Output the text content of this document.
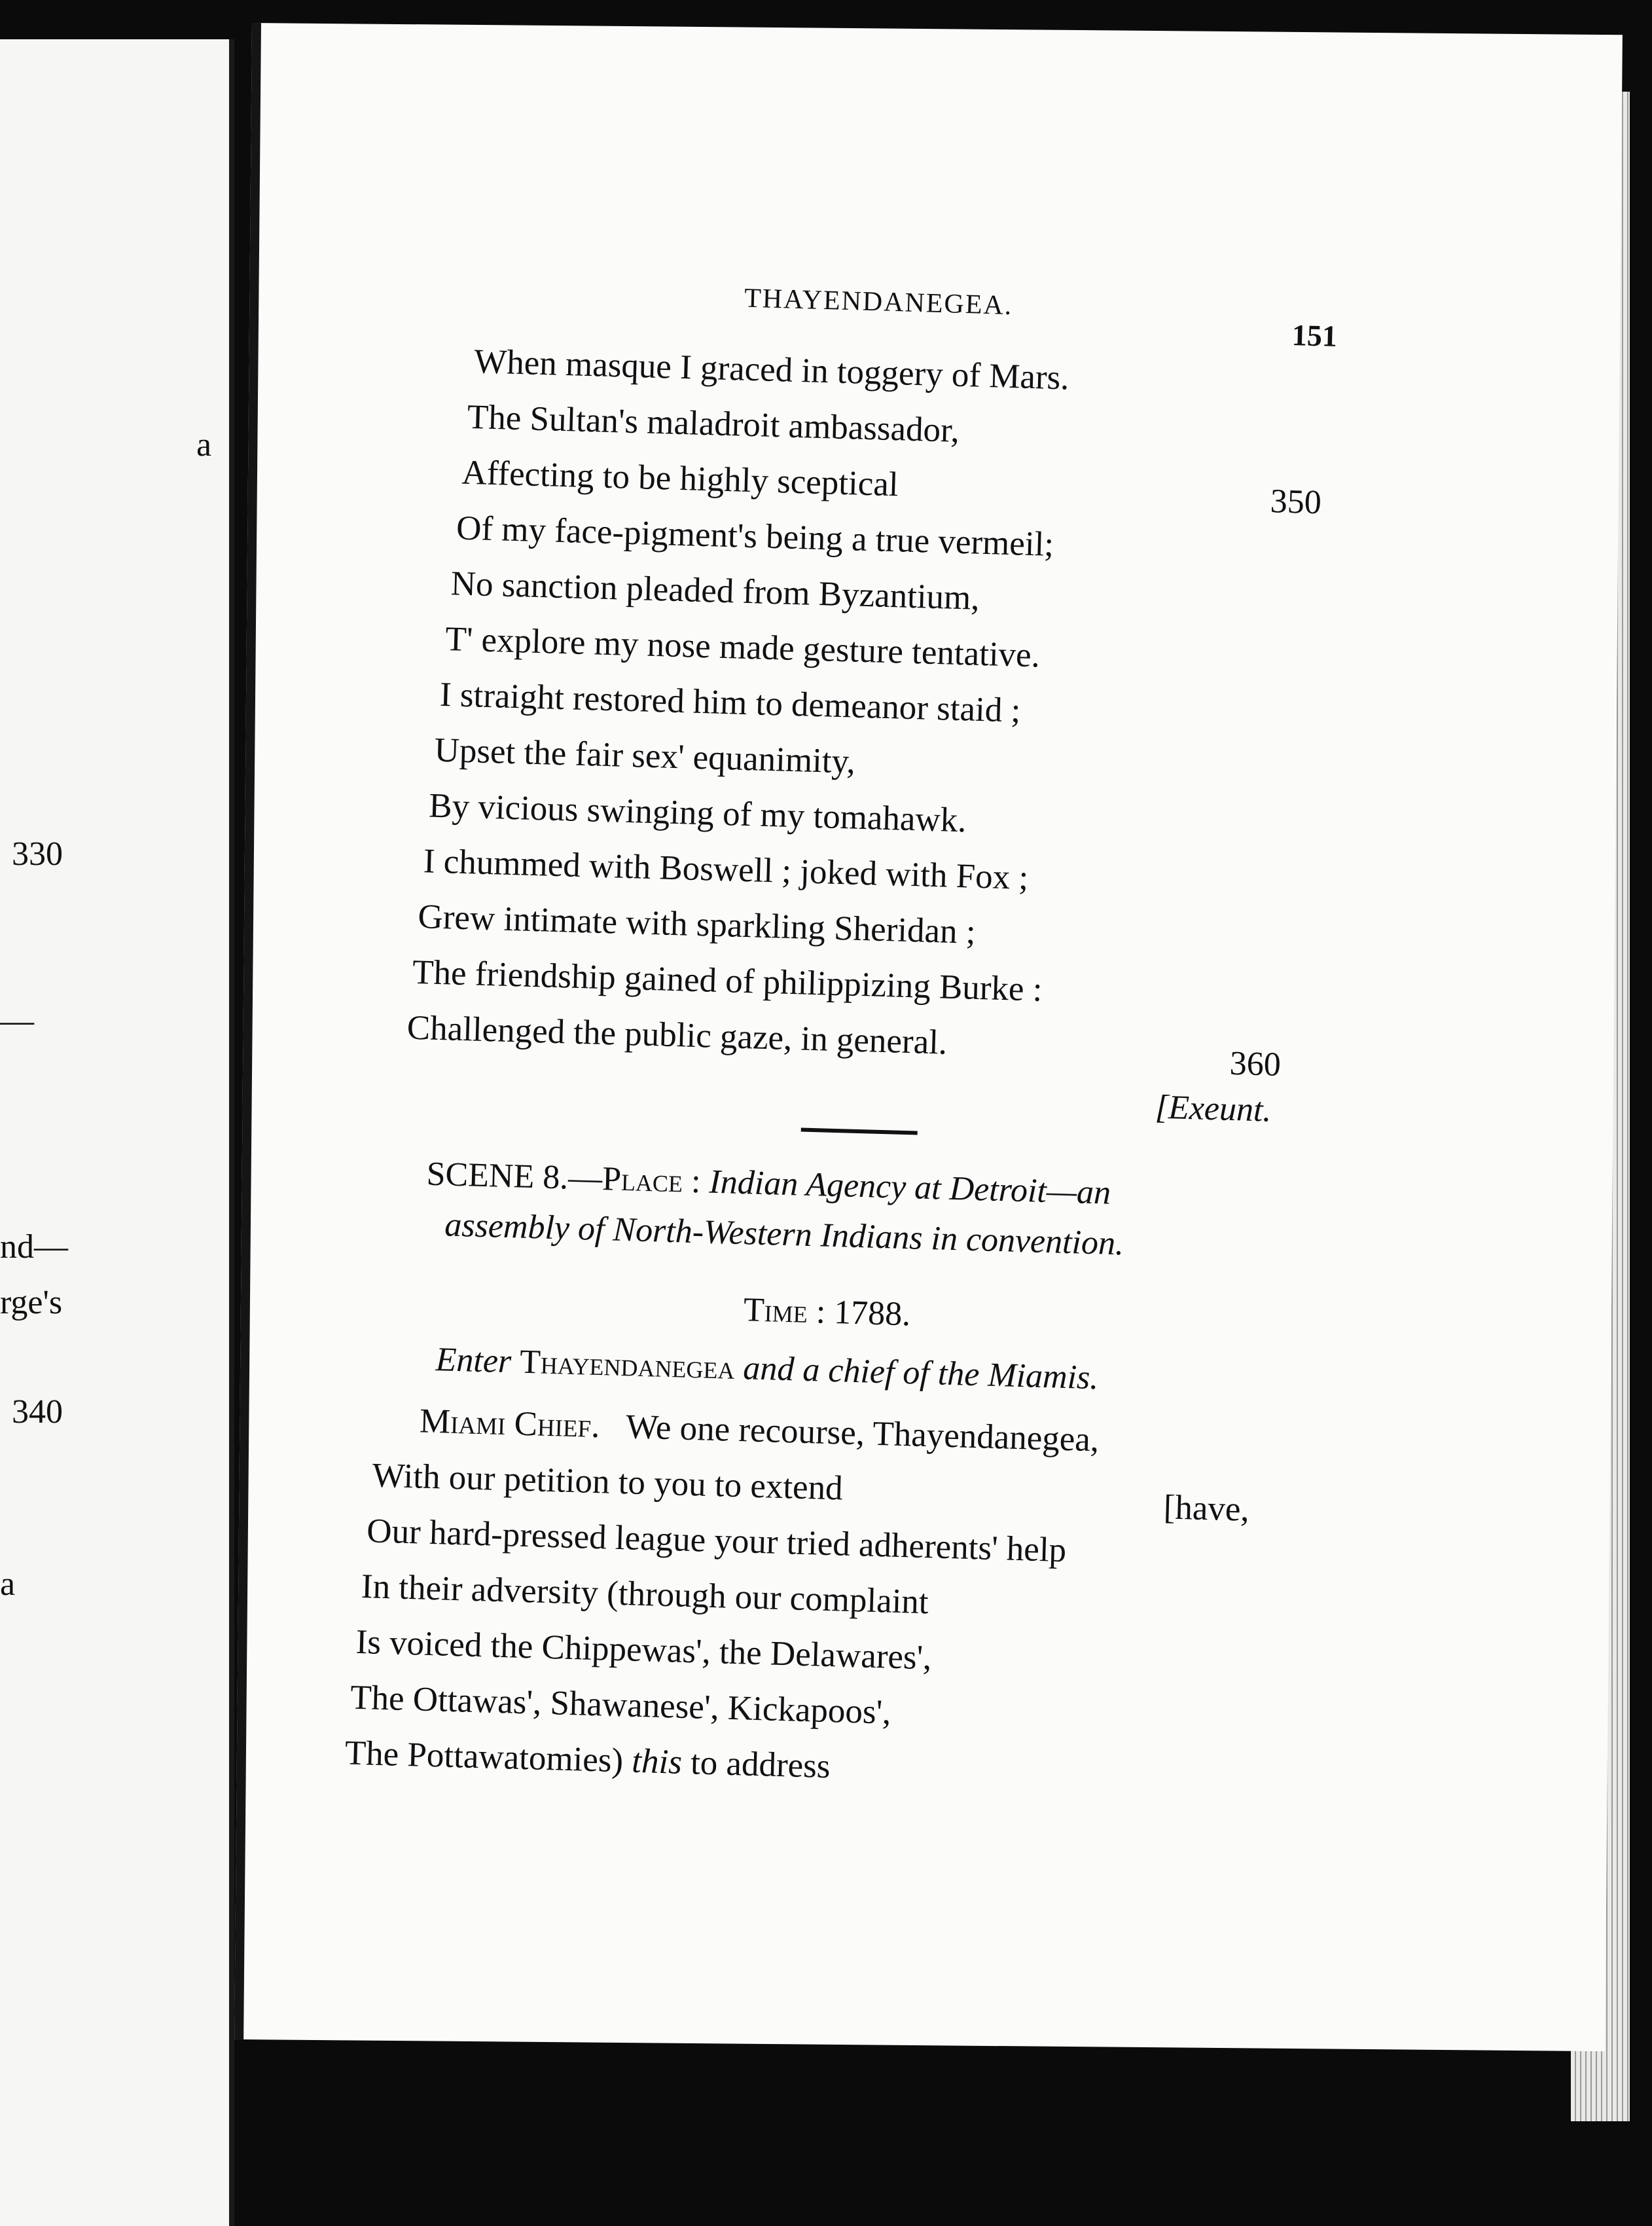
a
330
—
nd—
rge's
340
a
THAYENDANEGEA.
151
When masque I graced in toggery of Mars.
The Sultan's maladroit ambassador,
Affecting to be highly sceptical	350
Of my face-pigment's being a true vermeil;
No sanction pleaded from Byzantium,
T' explore my nose made gesture tentative.
I straight restored him to demeanor staid ;
Upset the fair sex' equanimity,
By vicious swinging of my tomahawk.
I chummed with Boswell ; joked with Fox ;
Grew intimate with sparkling Sheridan ;
The friendship gained of philippizing Burke :
Challenged the public gaze, in general.
360
[Exeunt.
SCENE 8.—Place : Indian Agency at Detroit—an
assembly of North-Western Indians in convention.
Time : 1788.
Enter Thayendanegea and a chief of the Miamis.
Miami Chief. We one recourse, Thayendanegea,
With our petition to you to extend
[have,
Our hard-pressed league your tried adherents' help
In their adversity (through our complaint
Is voiced the Chippewas', the Delawares',
The Ottawas', Shawanese', Kickapoos',
The Pottawatomies) this to address
